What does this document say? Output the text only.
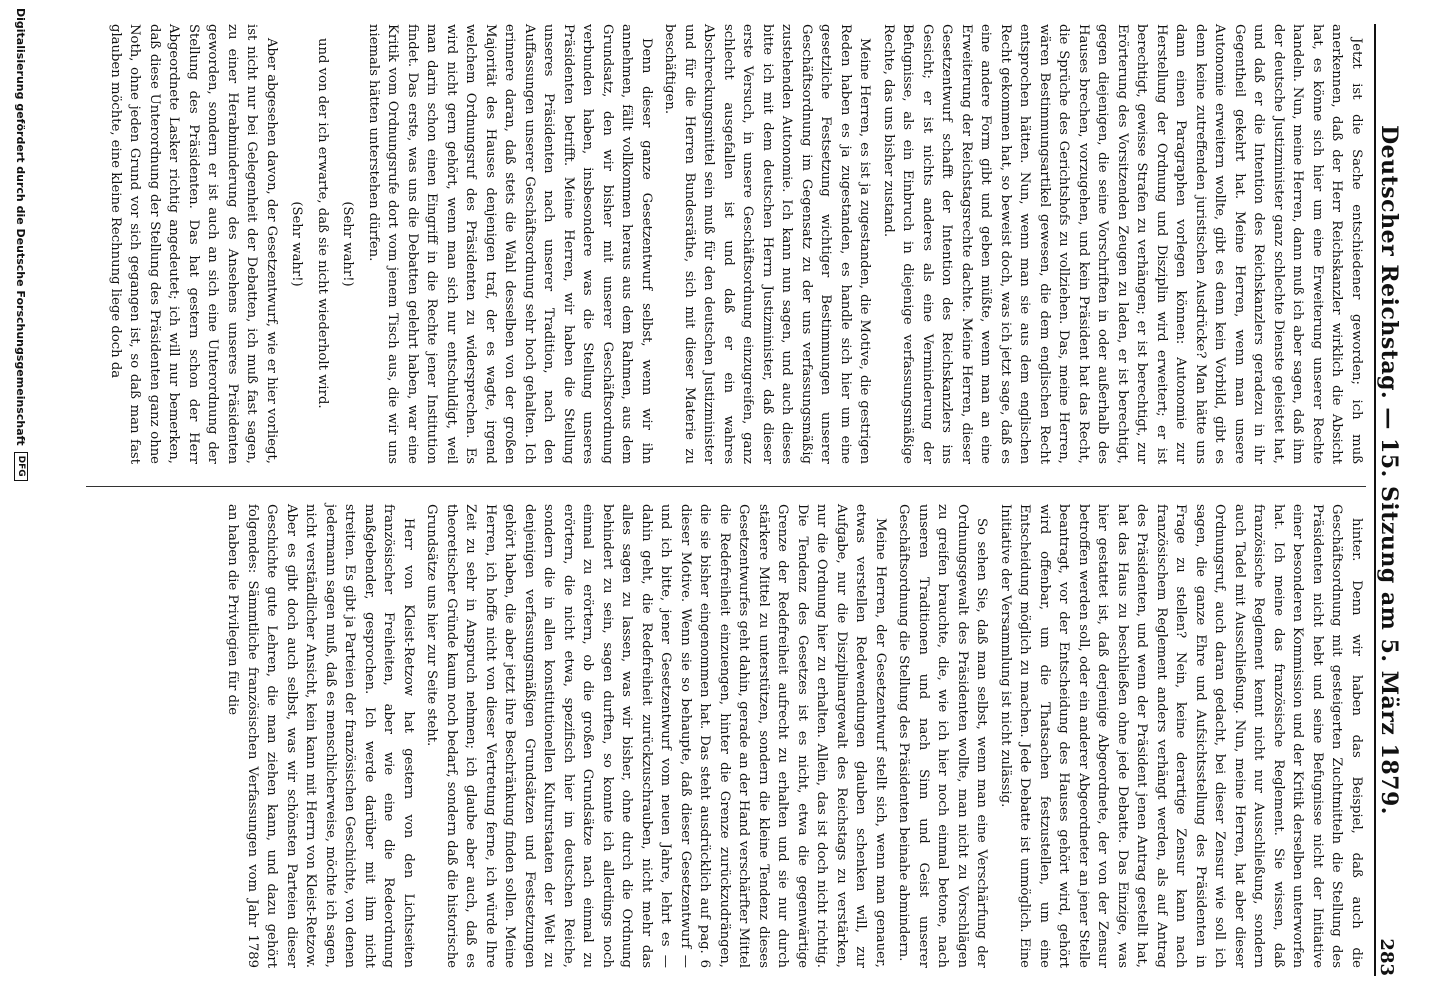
Deutscher Reichstag. — 15. Sitzung am 5. März 1879.
283

Jetzt ist die Sache entschiedener geworden; ich muß anerkennen, daß der Herr Reichskanzler wirklich die Absicht hat, es könne sich hier um eine Erweiterung unserer Rechte handeln. Nun, meine Herren, dann muß ich aber sagen, daß ihm der deutsche Justizminister ganz schlechte Dienste geleistet hat, und daß er die Intention des Reichskanzlers geradezu in ihr Gegentheil gekehrt hat. Meine Herren, wenn man unsere Autonomie erweitern wollte, gibt es denn kein Vorbild, gibt es denn keine zutreffenden juristischen Ausdrücke? Man hätte uns dann einen Paragraphen vorlegen können: Autonomie zur Herstellung der Ordnung und Disziplin wird erweitert; er ist berechtigt, gewisse Strafen zu verhängen; er ist berechtigt, zur Erörterung des Vorsitzenden Zeugen zu laden, er ist berechtigt, gegen diejenigen, die seine Vorschriften in oder außerhalb des Hauses brechen, vorzugehen, und kein Präsident hat das Recht, die Sprüche des Gerichtshofs zu vollziehen. Das, meine Herren, wären Bestimmungsartikel gewesen, die dem englischen Recht entsprochen hätten. Nun, wenn man sie aus dem englischen Recht gekommen hat, so beweist doch, was ich jetzt sage, daß es eine andere Form gibt und geben müßte, wenn man an eine Erweiterung der Reichstagsrechte dachte. Meine Herren, dieser Gesetzentwurf schafft der Intention des Reichskanzlers ins Gesicht; er ist nichts anderes als eine Verminderung der Befugnisse, als ein Einbruch in diejenige verfassungsmäßige Rechte, das uns bisher zustand.

Meine Herren, es ist ja zugestanden, die Motive, die gestrigen Reden haben es ja zugestanden, es handle sich hier um eine gesetzliche Festsetzung wichtiger Bestimmungen unserer Geschäftsordnung im Gegensatz zu der uns verfassungsmäßig zustehenden Autonomie. Ich kann nun sagen, und auch dieses bitte ich mit dem deutschen Herrn Justizminister, daß dieser erste Versuch, in unsere Geschäftsordnung einzugreifen, ganz schlecht ausgefallen ist und daß er ein wahres Abschreckungsmittel sein muß für den deutschen Justizminister und für die Herren Bundesräthe, sich mit dieser Materie zu beschäftigen.

Denn dieser ganze Gesetzentwurf selbst, wenn wir ihn annehmen, fällt vollkommen heraus aus dem Rahmen, aus dem Grundsatz, den wir bisher mit unserer Geschäftsordnung verbunden haben, insbesondere was die Stellung unseres Präsidenten betrifft. Meine Herren, wir haben die Stellung unseres Präsidenten nach unserer Tradition, nach den Auffassungen unserer Geschäftsordnung sehr hoch gehalten. Ich erinnere daran, daß stets die Wahl desselben von der großen Majorität des Hauses denjenigen traf, der es wagte, irgend welchem Ordnungsruf des Präsidenten zu widersprechen. Es wird nicht gern gehört, wenn man sich nur entschuldigt, weil man darin schon einen Eingriff in die Rechte jener Institution findet. Das erste, was uns die Debatten gelehrt haben, war eine Kritik vom Ordnungsrufe dort vom jenem Tisch aus, die wir uns niemals hätten unterstehen dürfen.

(Sehr wahr!)

und von der ich erwarte, daß sie nicht wiederholt wird.

(Sehr wahr!)

Aber abgesehen davon, der Gesetzentwurf, wie er hier vorliegt, ist nicht nur bei Gelegenheit der Debatten, ich muß fast sagen, zu einer Herabminderung des Ansehens unseres Präsidenten geworden, sondern er ist auch an sich eine Unterordnung der Stellung des Präsidenten. Das hat gestern schon der Herr Abgeordnete Lasker richtig angedeutet; ich will nur bemerken, daß diese Unterordnung der Stellung des Präsidenten ganz ohne Noth, ohne jeden Grund vor sich gegangen ist, so daß man fast glauben möchte, eine kleine Rechnung liege doch da

hinter. Denn wir haben das Beispiel, daß auch die Geschäftsordnung mit gesteigerten Zuchtmitteln die Stellung des Präsidenten nicht hebt und seine Befugnisse nicht der Initiative einer besonderen Kommission und der Kritik derselben unterworfen hat. Ich meine das französische Reglement. Sie wissen, daß französische Reglement kennt nicht nur Ausschließung, sondern auch Tadel mit Ausschließung. Nun, meine Herren, hat aber dieser Ordnungsruf, auch daran gedacht, bei dieser Zensur wie soll ich sagen, die ganze Ehre und Aufsichtsstellung des Präsidenten in Frage zu stellen? Nein, keine derartige Zensur kann nach französischem Reglement anders verhängt werden, als auf Antrag des Präsidenten, und wenn der Präsident jenen Antrag gestellt hat, hat das Haus zu beschließen ohne jede Debatte. Das Einzige, was hier gestattet ist, daß derjenige Abgeordnete, der von der Zensur betroffen werden soll, oder ein anderer Abgeordneter an jener Stelle beantragt, vor der Entscheidung des Hauses gehört wird, gehört wird offenbar, um die Thatsachen festzustellen, um eine Entscheidung möglich zu machen. Jede Debatte ist unmöglich. Eine Initiative der Versammlung ist nicht zulässig.

So sehen Sie, daß man selbst, wenn man eine Verschärfung der Ordnungsgewalt des Präsidenten wollte, man nicht zu Vorschlägen zu greifen brauchte, die, wie ich hier noch einmal betone, nach unseren Traditionen und nach Sinn und Geist unserer Geschäftsordnung die Stellung des Präsidenten beinahe abmindern.

Meine Herren, der Gesetzentwurf stellt sich, wenn man genauer, etwas verstellen Redewendungen glauben schenken will, zur Aufgabe, nur die Disziplinargewalt des Reichstags zu verstärken, nur die Ordnung hier zu erhalten. Allein, das ist doch nicht richtig. Die Tendenz des Gesetzes ist es nicht, etwa die gegenwärtige Grenze der Redefreiheit aufrecht zu erhalten und sie nur durch stärkere Mittel zu unterstützen, sondern die kleine Tendenz dieses Gesetzentwurfes geht dahin, gerade an der Hand verschärfter Mittel die Redefreiheit einzuengen, hinter die Grenze zurückzudrängen, die sie bisher eingenommen hat. Das steht ausdrücklich auf pag. 6 dieser Motive. Wenn sie so behaupte, daß dieser Gesetzentwurf — und ich bitte, jener Gesetzentwurf vom neuen Jahre, lehrt es — dahin geht, die Redefreiheit zurückzuschrauben, nicht mehr das alles sagen zu lassen, was wir bisher, ohne durch die Ordnung behindert zu sein, sagen durften, so konnte ich allerdings noch einmal zu erörtern, ob die großen Grundsätze nach einmal zu erörtern, die nicht etwa, spezifisch hier im deutschen Reiche, sondern die in allen konstitutionellen Kulturstaaten der Welt zu denjenigen verfassungsmäßigen Grundsätzen und Festsetzungen gehört haben, die aber jetzt ihre Beschränkung finden sollen. Meine Herren, ich hoffe nicht von dieser Vertretung ferne, ich würde Ihre Zeit zu sehr in Anspruch nehmen; ich glaube aber auch, daß es theoretischer Gründe kaum noch bedarf, sondern daß die historische Grundsätze uns hier zur Seite steht.

Herr von Kleist-Retzow hat gestern von den Lichtseiten französischer Freiheiten, aber wie eine die Redeordnung maßgebender, gesprochen. Ich werde darüber mit ihm nicht streiten. Es gibt ja Parteien der französischen Geschichte, von denen jedermann sagen muß, daß es menschlicherweise, möchte ich sagen, nicht verständlicher Ansicht, kein kann mit Herrn von Kleist-Retzow. Aber es gibt doch auch selbst, was wir schönsten Parteien dieser Geschichte gute Lehren, die man ziehen kann, und dazu gehört folgendes: Sämmtliche französischen Verfassungen vom Jahr 1789 an haben die Privilegien für die

Digitalisierung gefördert durch die Deutsche Forschungsgemeinschaft
DFG
